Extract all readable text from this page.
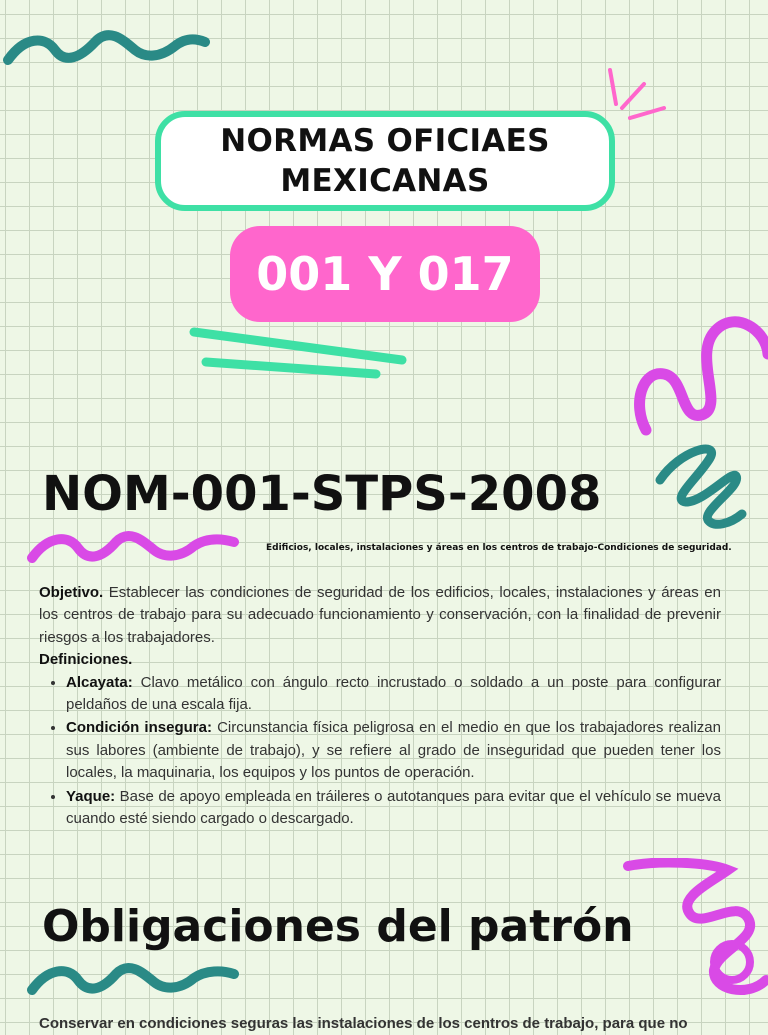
NORMAS OFICIAES
MEXICANAS
001 Y 017
NOM-001-STPS-2008
Edificios, locales, instalaciones y áreas en los centros de trabajo-Condiciones de seguridad.

Objetivo. Establecer las condiciones de seguridad de los edificios, locales, instalaciones y áreas en los centros de trabajo para su adecuado funcionamiento y conservación, con la finalidad de prevenir riesgos a los trabajadores.

Definiciones.

• Alcayata: Clavo metálico con ángulo recto incrustado o soldado a un poste para configurar peldaños de una escala fija.
• Condición insegura: Circunstancia física peligrosa en el medio en que los trabajadores realizan sus labores (ambiente de trabajo), y se refiere al grado de inseguridad que pueden tener los locales, la maquinaria, los equipos y los puntos de operación.
• Yaque: Base de apoyo empleada en tráileres o autotanques para evitar que el vehículo se mueva cuando esté siendo cargado o descargado.
Obligaciones del patrón
Conservar en condiciones seguras las instalaciones de los centros de trabajo, para que no
